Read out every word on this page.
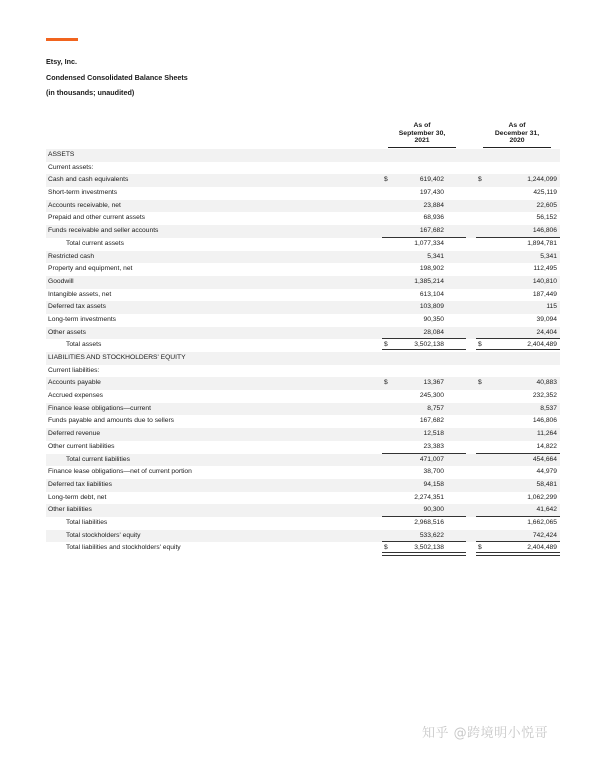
Etsy, Inc.
Condensed Consolidated Balance Sheets
(in thousands; unaudited)
As of
September 30,
2021
As of
December 31,
2020
ASSETS
Current assets:
Cash and cash equivalents	$	619,402	$	1,244,099
Short-term investments	197,430	425,119
Accounts receivable, net	23,884	22,605
Prepaid and other current assets	68,936	56,152
Funds receivable and seller accounts	167,682	146,806
Total current assets	1,077,334	1,894,781
Restricted cash	5,341	5,341
Property and equipment, net	198,902	112,495
Goodwill	1,385,214	140,810
Intangible assets, net	613,104	187,449
Deferred tax assets	103,809	115
Long-term investments	90,350	39,094
Other assets	28,084	24,404
Total assets	$	3,502,138	$	2,404,489
LIABILITIES AND STOCKHOLDERS' EQUITY
Current liabilities:
Accounts payable	$	13,367	$	40,883
Accrued expenses	245,300	232,352
Finance lease obligations—current	8,757	8,537
Funds payable and amounts due to sellers	167,682	146,806
Deferred revenue	12,518	11,264
Other current liabilities	23,383	14,822
Total current liabilities	471,007	454,664
Finance lease obligations—net of current portion	38,700	44,979
Deferred tax liabilities	94,158	58,481
Long-term debt, net	2,274,351	1,062,299
Other liabilities	90,300	41,642
Total liabilities	2,968,516	1,662,065
Total stockholders' equity	533,622	742,424
Total liabilities and stockholders' equity	$	3,502,138	$	2,404,489
知乎 @跨境明小悦哥
